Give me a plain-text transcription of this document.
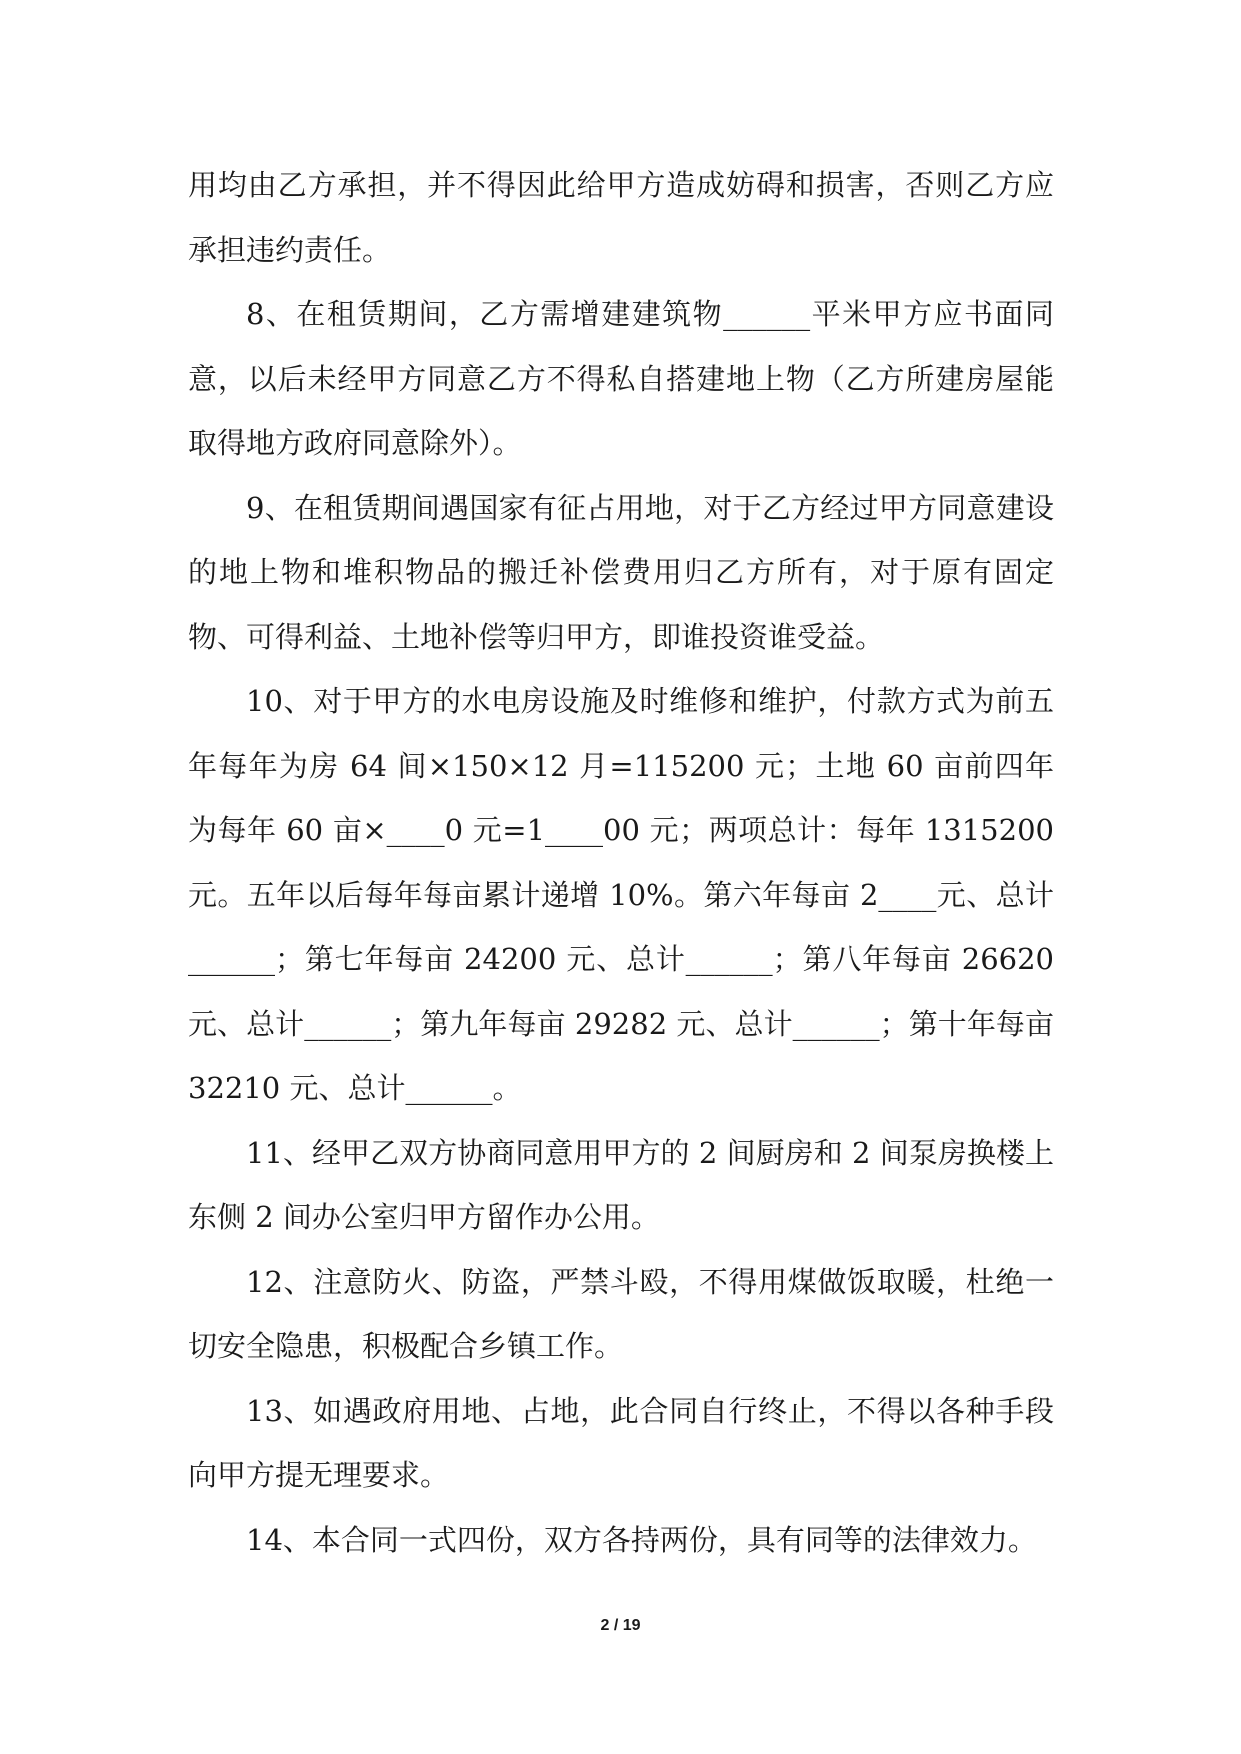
用均由乙方承担，并不得因此给甲方造成妨碍和损害，否则乙方应承担违约责任。

8、在租赁期间，乙方需增建建筑物______平米甲方应书面同意，以后未经甲方同意乙方不得私自搭建地上物（乙方所建房屋能取得地方政府同意除外）。

9、在租赁期间遇国家有征占用地，对于乙方经过甲方同意建设的地上物和堆积物品的搬迁补偿费用归乙方所有，对于原有固定物、可得利益、土地补偿等归甲方，即谁投资谁受益。

10、对于甲方的水电房设施及时维修和维护，付款方式为前五年每年为房 64 间×150×12 月=115200 元；土地 60 亩前四年为每年 60 亩×____0 元=1____00 元；两项总计：每年 1315200 元。五年以后每年每亩累计递增 10%。第六年每亩 2____元、总计______；第七年每亩 24200 元、总计______；第八年每亩 26620 元、总计______；第九年每亩 29282 元、总计______；第十年每亩 32210 元、总计______。

11、经甲乙双方协商同意用甲方的 2 间厨房和 2 间泵房换楼上东侧 2 间办公室归甲方留作办公用。

12、注意防火、防盗，严禁斗殴，不得用煤做饭取暖，杜绝一切安全隐患，积极配合乡镇工作。

13、如遇政府用地、占地，此合同自行终止，不得以各种手段向甲方提无理要求。

14、本合同一式四份，双方各持两份，具有同等的法律效力。

2 / 19
